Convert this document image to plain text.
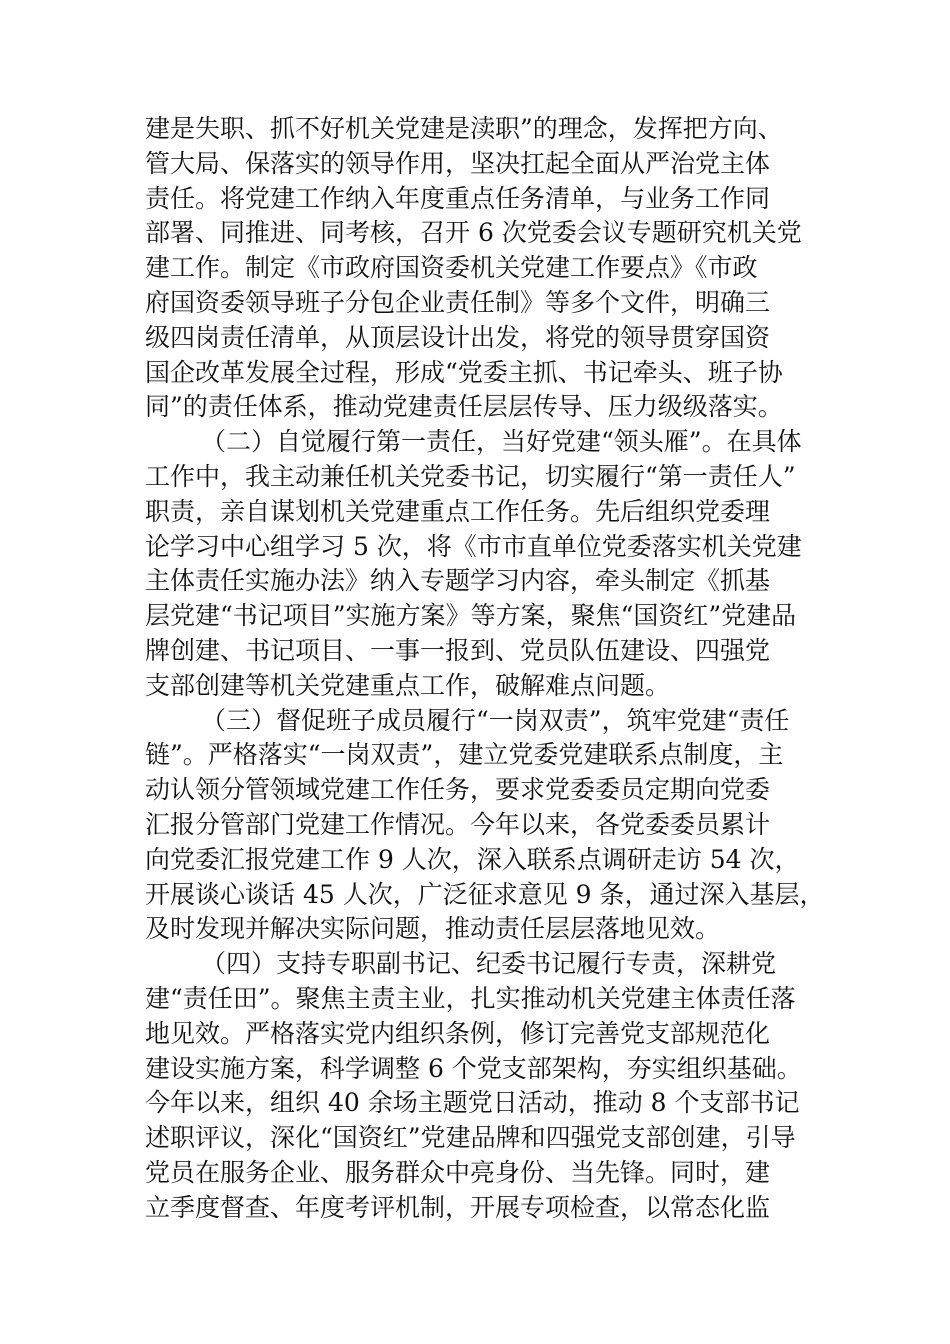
建是失职、抓不好机关党建是渎职”的理念，发挥把方向、
管大局、保落实的领导作用，坚决扛起全面从严治党主体
责任。将党建工作纳入年度重点任务清单，与业务工作同
部署、同推进、同考核，召开 6 次党委会议专题研究机关党
建工作。制定《市政府国资委机关党建工作要点》《市政
府国资委领导班子分包企业责任制》等多个文件，明确三
级四岗责任清单，从顶层设计出发，将党的领导贯穿国资
国企改革发展全过程，形成“党委主抓、书记牵头、班子协
同”的责任体系，推动党建责任层层传导、压力级级落实。
（二）自觉履行第一责任，当好党建“领头雁”。在具体
工作中，我主动兼任机关党委书记，切实履行“第一责任人”
职责，亲自谋划机关党建重点工作任务。先后组织党委理
论学习中心组学习 5 次，将《市市直单位党委落实机关党建
主体责任实施办法》纳入专题学习内容，牵头制定《抓基
层党建“书记项目”实施方案》等方案，聚焦“国资红”党建品
牌创建、书记项目、一事一报到、党员队伍建设、四强党
支部创建等机关党建重点工作，破解难点问题。
（三）督促班子成员履行“一岗双责”，筑牢党建“责任
链”。严格落实“一岗双责”，建立党委党建联系点制度，主
动认领分管领域党建工作任务，要求党委委员定期向党委
汇报分管部门党建工作情况。今年以来，各党委委员累计
向党委汇报党建工作 9 人次，深入联系点调研走访 54 次，
开展谈心谈话 45 人次，广泛征求意见 9 条，通过深入基层，
及时发现并解决实际问题，推动责任层层落地见效。
（四）支持专职副书记、纪委书记履行专责，深耕党
建“责任田”。聚焦主责主业，扎实推动机关党建主体责任落
地见效。严格落实党内组织条例，修订完善党支部规范化
建设实施方案，科学调整 6 个党支部架构，夯实组织基础。
今年以来，组织 40 余场主题党日活动，推动 8 个支部书记
述职评议，深化“国资红”党建品牌和四强党支部创建，引导
党员在服务企业、服务群众中亮身份、当先锋。同时，建
立季度督查、年度考评机制，开展专项检查，以常态化监
